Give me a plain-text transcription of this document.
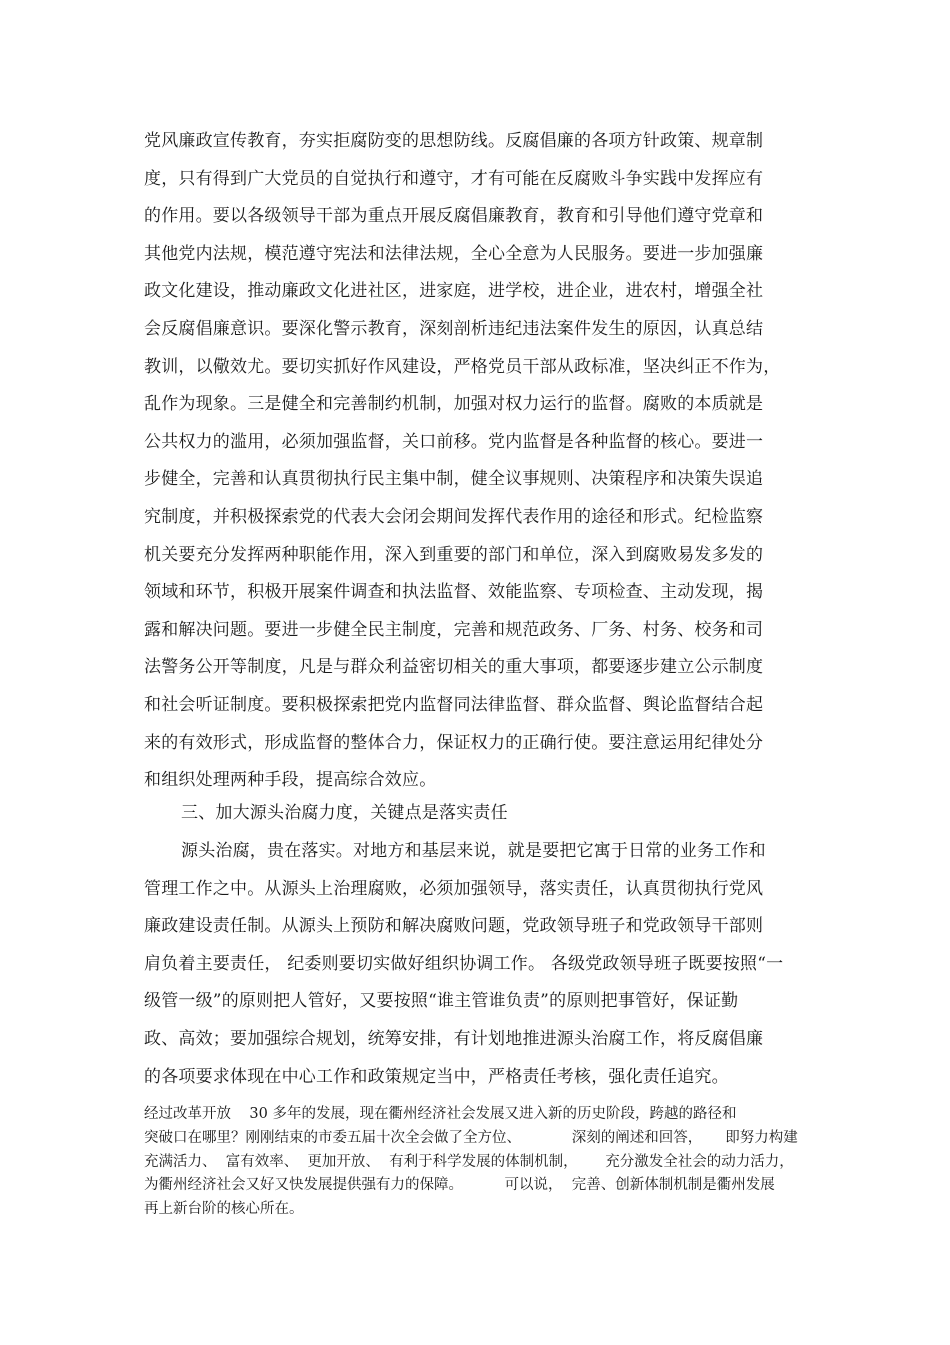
党风廉政宣传教育，夯实拒腐防变的思想防线。反腐倡廉的各项方针政策、规章制
度，只有得到广大党员的自觉执行和遵守，才有可能在反腐败斗争实践中发挥应有
的作用。要以各级领导干部为重点开展反腐倡廉教育，教育和引导他们遵守党章和
其他党内法规，模范遵守宪法和法律法规，全心全意为人民服务。要进一步加强廉
政文化建设，推动廉政文化进社区，进家庭，进学校，进企业，进农村，增强全社
会反腐倡廉意识。要深化警示教育，深刻剖析违纪违法案件发生的原因，认真总结
教训，以儆效尤。要切实抓好作风建设，严格党员干部从政标准，坚决纠正不作为，
乱作为现象。三是健全和完善制约机制，加强对权力运行的监督。腐败的本质就是
公共权力的滥用，必须加强监督，关口前移。党内监督是各种监督的核心。要进一
步健全，完善和认真贯彻执行民主集中制，健全议事规则、决策程序和决策失误追
究制度，并积极探索党的代表大会闭会期间发挥代表作用的途径和形式。纪检监察
机关要充分发挥两种职能作用，深入到重要的部门和单位，深入到腐败易发多发的
领域和环节，积极开展案件调查和执法监督、效能监察、专项检查、主动发现，揭
露和解决问题。要进一步健全民主制度，完善和规范政务、厂务、村务、校务和司
法警务公开等制度，凡是与群众利益密切相关的重大事项，都要逐步建立公示制度
和社会听证制度。要积极探索把党内监督同法律监督、群众监督、舆论监督结合起
来的有效形式，形成监督的整体合力，保证权力的正确行使。要注意运用纪律处分
和组织处理两种手段，提高综合效应。
三、加大源头治腐力度，关键点是落实责任
源头治腐，贵在落实。对地方和基层来说，就是要把它寓于日常的业务工作和
管理工作之中。从源头上治理腐败，必须加强领导，落实责任，认真贯彻执行党风
廉政建设责任制。从源头上预防和解决腐败问题，党政领导班子和党政领导干部则
肩负着主要责任， 纪委则要切实做好组织协调工作。 各级党政领导班子既要按照“一
级管一级”的原则把人管好，又要按照“谁主管谁负责”的原则把事管好，保证勤
政、高效；要加强综合规划，统筹安排，有计划地推进源头治腐工作，将反腐倡廉
的各项要求体现在中心工作和政策规定当中，严格责任考核，强化责任追究。
经过改革开放    30 多年的发展，现在衢州经济社会发展又进入新的历史阶段，跨越的路径和
突破口在哪里？刚刚结束的市委五届十次全会做了全方位、           深刻的阐述和回答，     即努力构建
充满活力、  富有效率、  更加开放、  有利于科学发展的体制机制，      充分激发全社会的动力活力，
为衢州经济社会又好又快发展提供强有力的保障。         可以说，  完善、创新体制机制是衢州发展
再上新台阶的核心所在。
